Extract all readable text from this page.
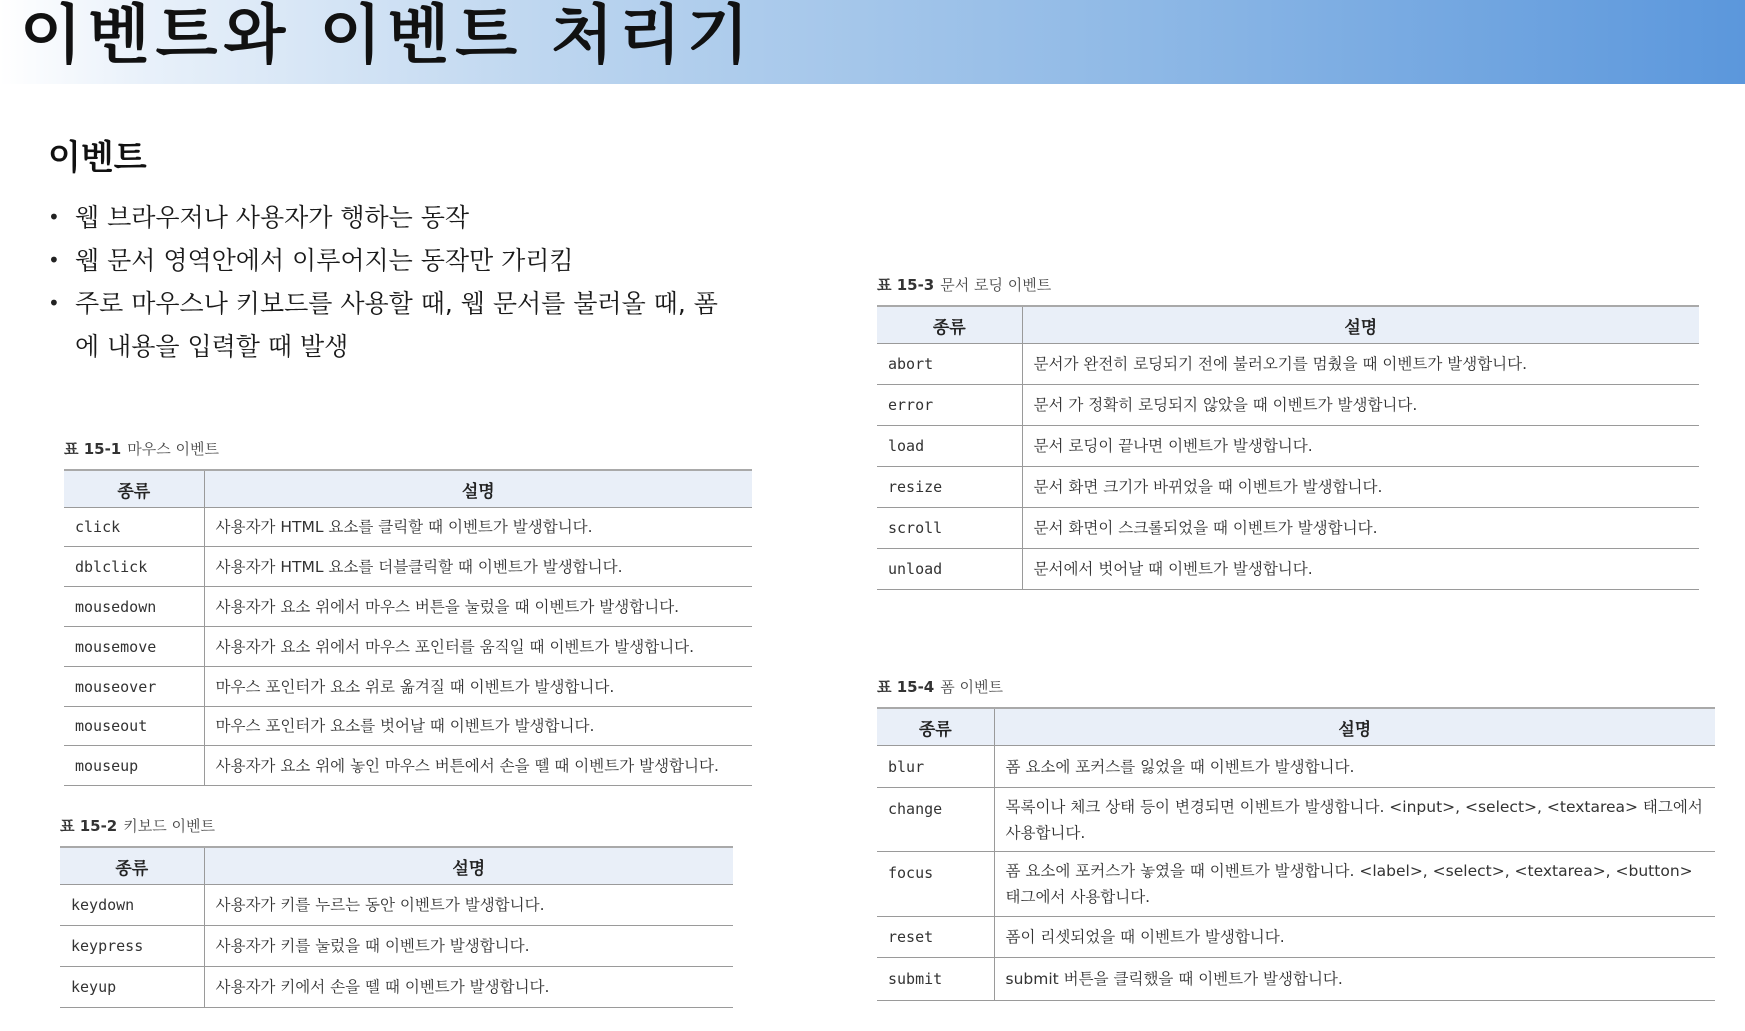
이벤트와 이벤트 처리기
이벤트
• 웹 브라우저나 사용자가 행하는 동작
• 웹 문서 영역안에서 이루어지는 동작만 가리킴
• 주로 마우스나 키보드를 사용할 때, 웹 문서를 불러올 때, 폼에 내용을 입력할 때 발생
표 15-1 마우스 이벤트
종류	설명
click	사용자가 HTML 요소를 클릭할 때 이벤트가 발생합니다.
dblclick	사용자가 HTML 요소를 더블클릭할 때 이벤트가 발생합니다.
mousedown	사용자가 요소 위에서 마우스 버튼을 눌렀을 때 이벤트가 발생합니다.
mousemove	사용자가 요소 위에서 마우스 포인터를 움직일 때 이벤트가 발생합니다.
mouseover	마우스 포인터가 요소 위로 옮겨질 때 이벤트가 발생합니다.
mouseout	마우스 포인터가 요소를 벗어날 때 이벤트가 발생합니다.
mouseup	사용자가 요소 위에 놓인 마우스 버튼에서 손을 뗄 때 이벤트가 발생합니다.
표 15-2 키보드 이벤트
종류	설명
keydown	사용자가 키를 누르는 동안 이벤트가 발생합니다.
keypress	사용자가 키를 눌렀을 때 이벤트가 발생합니다.
keyup	사용자가 키에서 손을 뗄 때 이벤트가 발생합니다.
표 15-3 문서 로딩 이벤트
종류	설명
abort	문서가 완전히 로딩되기 전에 불러오기를 멈췄을 때 이벤트가 발생합니다.
error	문서 가 정확히 로딩되지 않았을 때 이벤트가 발생합니다.
load	문서 로딩이 끝나면 이벤트가 발생합니다.
resize	문서 화면 크기가 바뀌었을 때 이벤트가 발생합니다.
scroll	문서 화면이 스크롤되었을 때 이벤트가 발생합니다.
unload	문서에서 벗어날 때 이벤트가 발생합니다.
표 15-4 폼 이벤트
종류	설명
blur	폼 요소에 포커스를 잃었을 때 이벤트가 발생합니다.
change	목록이나 체크 상태 등이 변경되면 이벤트가 발생합니다. <input>, <select>, <textarea> 태그에서 사용합니다.
focus	폼 요소에 포커스가 놓였을 때 이벤트가 발생합니다. <label>, <select>, <textarea>, <button> 태그에서 사용합니다.
reset	폼이 리셋되었을 때 이벤트가 발생합니다.
submit	submit 버튼을 클릭했을 때 이벤트가 발생합니다.
